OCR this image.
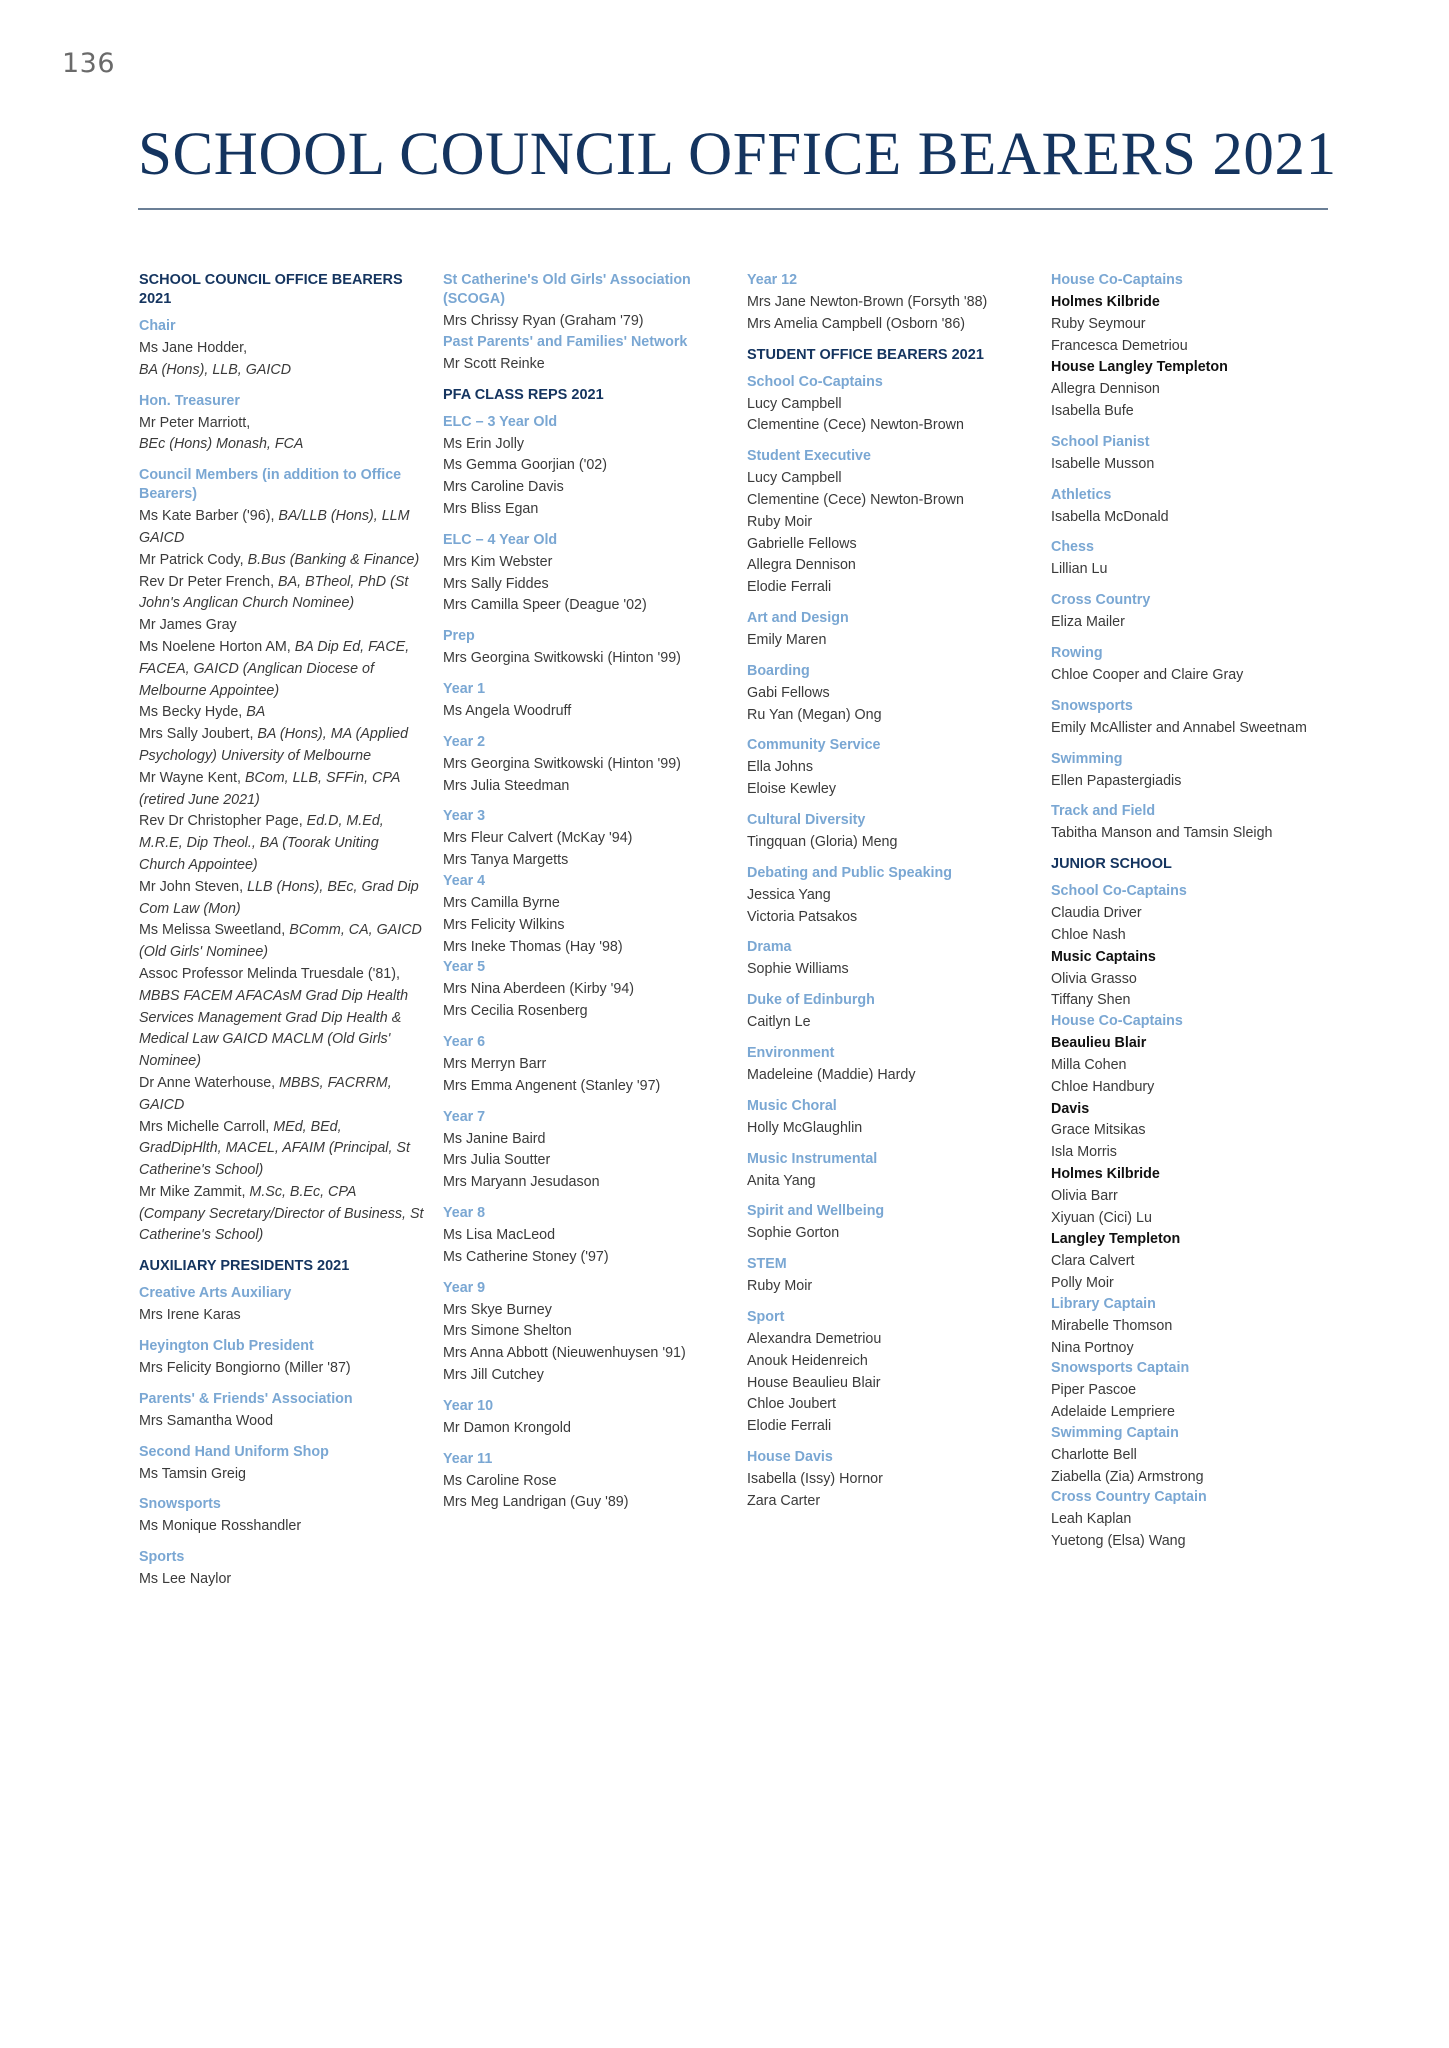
136
SCHOOL COUNCIL OFFICE BEARERS 2021
SCHOOL COUNCIL OFFICE BEARERS 2021
Chair
Ms Jane Hodder,
BA (Hons), LLB, GAICD
Hon. Treasurer
Mr Peter Marriott,
BEc (Hons) Monash, FCA
Council Members (in addition to Office Bearers)
Ms Kate Barber ('96), BA/LLB (Hons), LLM GAICD
Mr Patrick Cody, B.Bus (Banking & Finance)
Rev Dr Peter French, BA, BTheol, PhD (St John's Anglican Church Nominee)
Mr James Gray
Ms Noelene Horton AM, BA Dip Ed, FACE, FACEA, GAICD (Anglican Diocese of Melbourne Appointee)
Ms Becky Hyde, BA
Mrs Sally Joubert, BA (Hons), MA (Applied Psychology) University of Melbourne
Mr Wayne Kent, BCom, LLB, SFFin, CPA (retired June 2021)
Rev Dr Christopher Page, Ed.D, M.Ed, M.R.E, Dip Theol., BA (Toorak Uniting Church Appointee)
Mr John Steven, LLB (Hons), BEc, Grad Dip Com Law (Mon)
Ms Melissa Sweetland, BComm, CA, GAICD (Old Girls' Nominee)
Assoc Professor Melinda Truesdale ('81), MBBS FACEM AFACAsM Grad Dip Health Services Management Grad Dip Health & Medical Law GAICD MACLM (Old Girls' Nominee)
Dr Anne Waterhouse, MBBS, FACRRM, GAICD
Mrs Michelle Carroll, MEd, BEd, GradDipHlth, MACEL, AFAIM (Principal, St Catherine's School)
Mr Mike Zammit, M.Sc, B.Ec, CPA (Company Secretary/Director of Business, St Catherine's School)
AUXILIARY PRESIDENTS 2021
Creative Arts Auxiliary
Mrs Irene Karas
Heyington Club President
Mrs Felicity Bongiorno (Miller '87)
Parents' & Friends' Association
Mrs Samantha Wood
Second Hand Uniform Shop
Ms Tamsin Greig
Snowsports
Ms Monique Rosshandler
Sports
Ms Lee Naylor
St Catherine's Old Girls' Association (SCOGA)
Mrs Chrissy Ryan (Graham '79)
Past Parents' and Families' Network
Mr Scott Reinke
PFA CLASS REPS 2021
ELC – 3 Year Old
Ms Erin Jolly
Ms Gemma Goorjian ('02)
Mrs Caroline Davis
Mrs Bliss Egan
ELC – 4 Year Old
Mrs Kim Webster
Mrs Sally Fiddes
Mrs Camilla Speer (Deague '02)
Prep
Mrs Georgina Switkowski (Hinton '99)
Year 1
Ms Angela Woodruff
Year 2
Mrs Georgina Switkowski (Hinton '99)
Mrs Julia Steedman
Year 3
Mrs Fleur Calvert (McKay '94)
Mrs Tanya Margetts
Year 4
Mrs Camilla Byrne
Mrs Felicity Wilkins
Mrs Ineke Thomas (Hay '98)
Year 5
Mrs Nina Aberdeen (Kirby '94)
Mrs Cecilia Rosenberg
Year 6
Mrs Merryn Barr
Mrs Emma Angenent (Stanley '97)
Year 7
Ms Janine Baird
Mrs Julia Soutter
Mrs Maryann Jesudason
Year 8
Ms Lisa MacLeod
Ms Catherine Stoney ('97)
Year 9
Mrs Skye Burney
Mrs Simone Shelton
Mrs Anna Abbott (Nieuwenhuysen '91)
Mrs Jill Cutchey
Year 10
Mr Damon Krongold
Year 11
Ms Caroline Rose
Mrs Meg Landrigan (Guy '89)
Year 12
Mrs Jane Newton-Brown (Forsyth '88)
Mrs Amelia Campbell (Osborn '86)
STUDENT OFFICE BEARERS 2021
School Co-Captains
Lucy Campbell
Clementine (Cece) Newton-Brown
Student Executive
Lucy Campbell
Clementine (Cece) Newton-Brown
Ruby Moir
Gabrielle Fellows
Allegra Dennison
Elodie Ferrali
Art and Design
Emily Maren
Boarding
Gabi Fellows
Ru Yan (Megan) Ong
Community Service
Ella Johns
Eloise Kewley
Cultural Diversity
Tingquan (Gloria) Meng
Debating and Public Speaking
Jessica Yang
Victoria Patsakos
Drama
Sophie Williams
Duke of Edinburgh
Caitlyn Le
Environment
Madeleine (Maddie) Hardy
Music Choral
Holly McGlaughlin
Music Instrumental
Anita Yang
Spirit and Wellbeing
Sophie Gorton
STEM
Ruby Moir
Sport
Alexandra Demetriou
Anouk Heidenreich
House Beaulieu Blair
Chloe Joubert
Elodie Ferrali
House Davis
Isabella (Issy) Hornor
Zara Carter
House Co-Captains
Holmes Kilbride
Ruby Seymour
Francesca Demetriou
House Langley Templeton
Allegra Dennison
Isabella Bufe
School Pianist
Isabelle Musson
Athletics
Isabella McDonald
Chess
Lillian Lu
Cross Country
Eliza Mailer
Rowing
Chloe Cooper and Claire Gray
Snowsports
Emily McAllister and Annabel Sweetnam
Swimming
Ellen Papastergiadis
Track and Field
Tabitha Manson and Tamsin Sleigh
JUNIOR SCHOOL
School Co-Captains
Claudia Driver
Chloe Nash
Music Captains
Olivia Grasso
Tiffany Shen
House Co-Captains
Beaulieu Blair
Milla Cohen
Chloe Handbury
Davis
Grace Mitsikas
Isla Morris
Holmes Kilbride
Olivia Barr
Xiyuan (Cici) Lu
Langley Templeton
Clara Calvert
Polly Moir
Library Captain
Mirabelle Thomson
Nina Portnoy
Snowsports Captain
Piper Pascoe
Adelaide Lempriere
Swimming Captain
Charlotte Bell
Ziabella (Zia) Armstrong
Cross Country Captain
Leah Kaplan
Yuetong (Elsa) Wang
